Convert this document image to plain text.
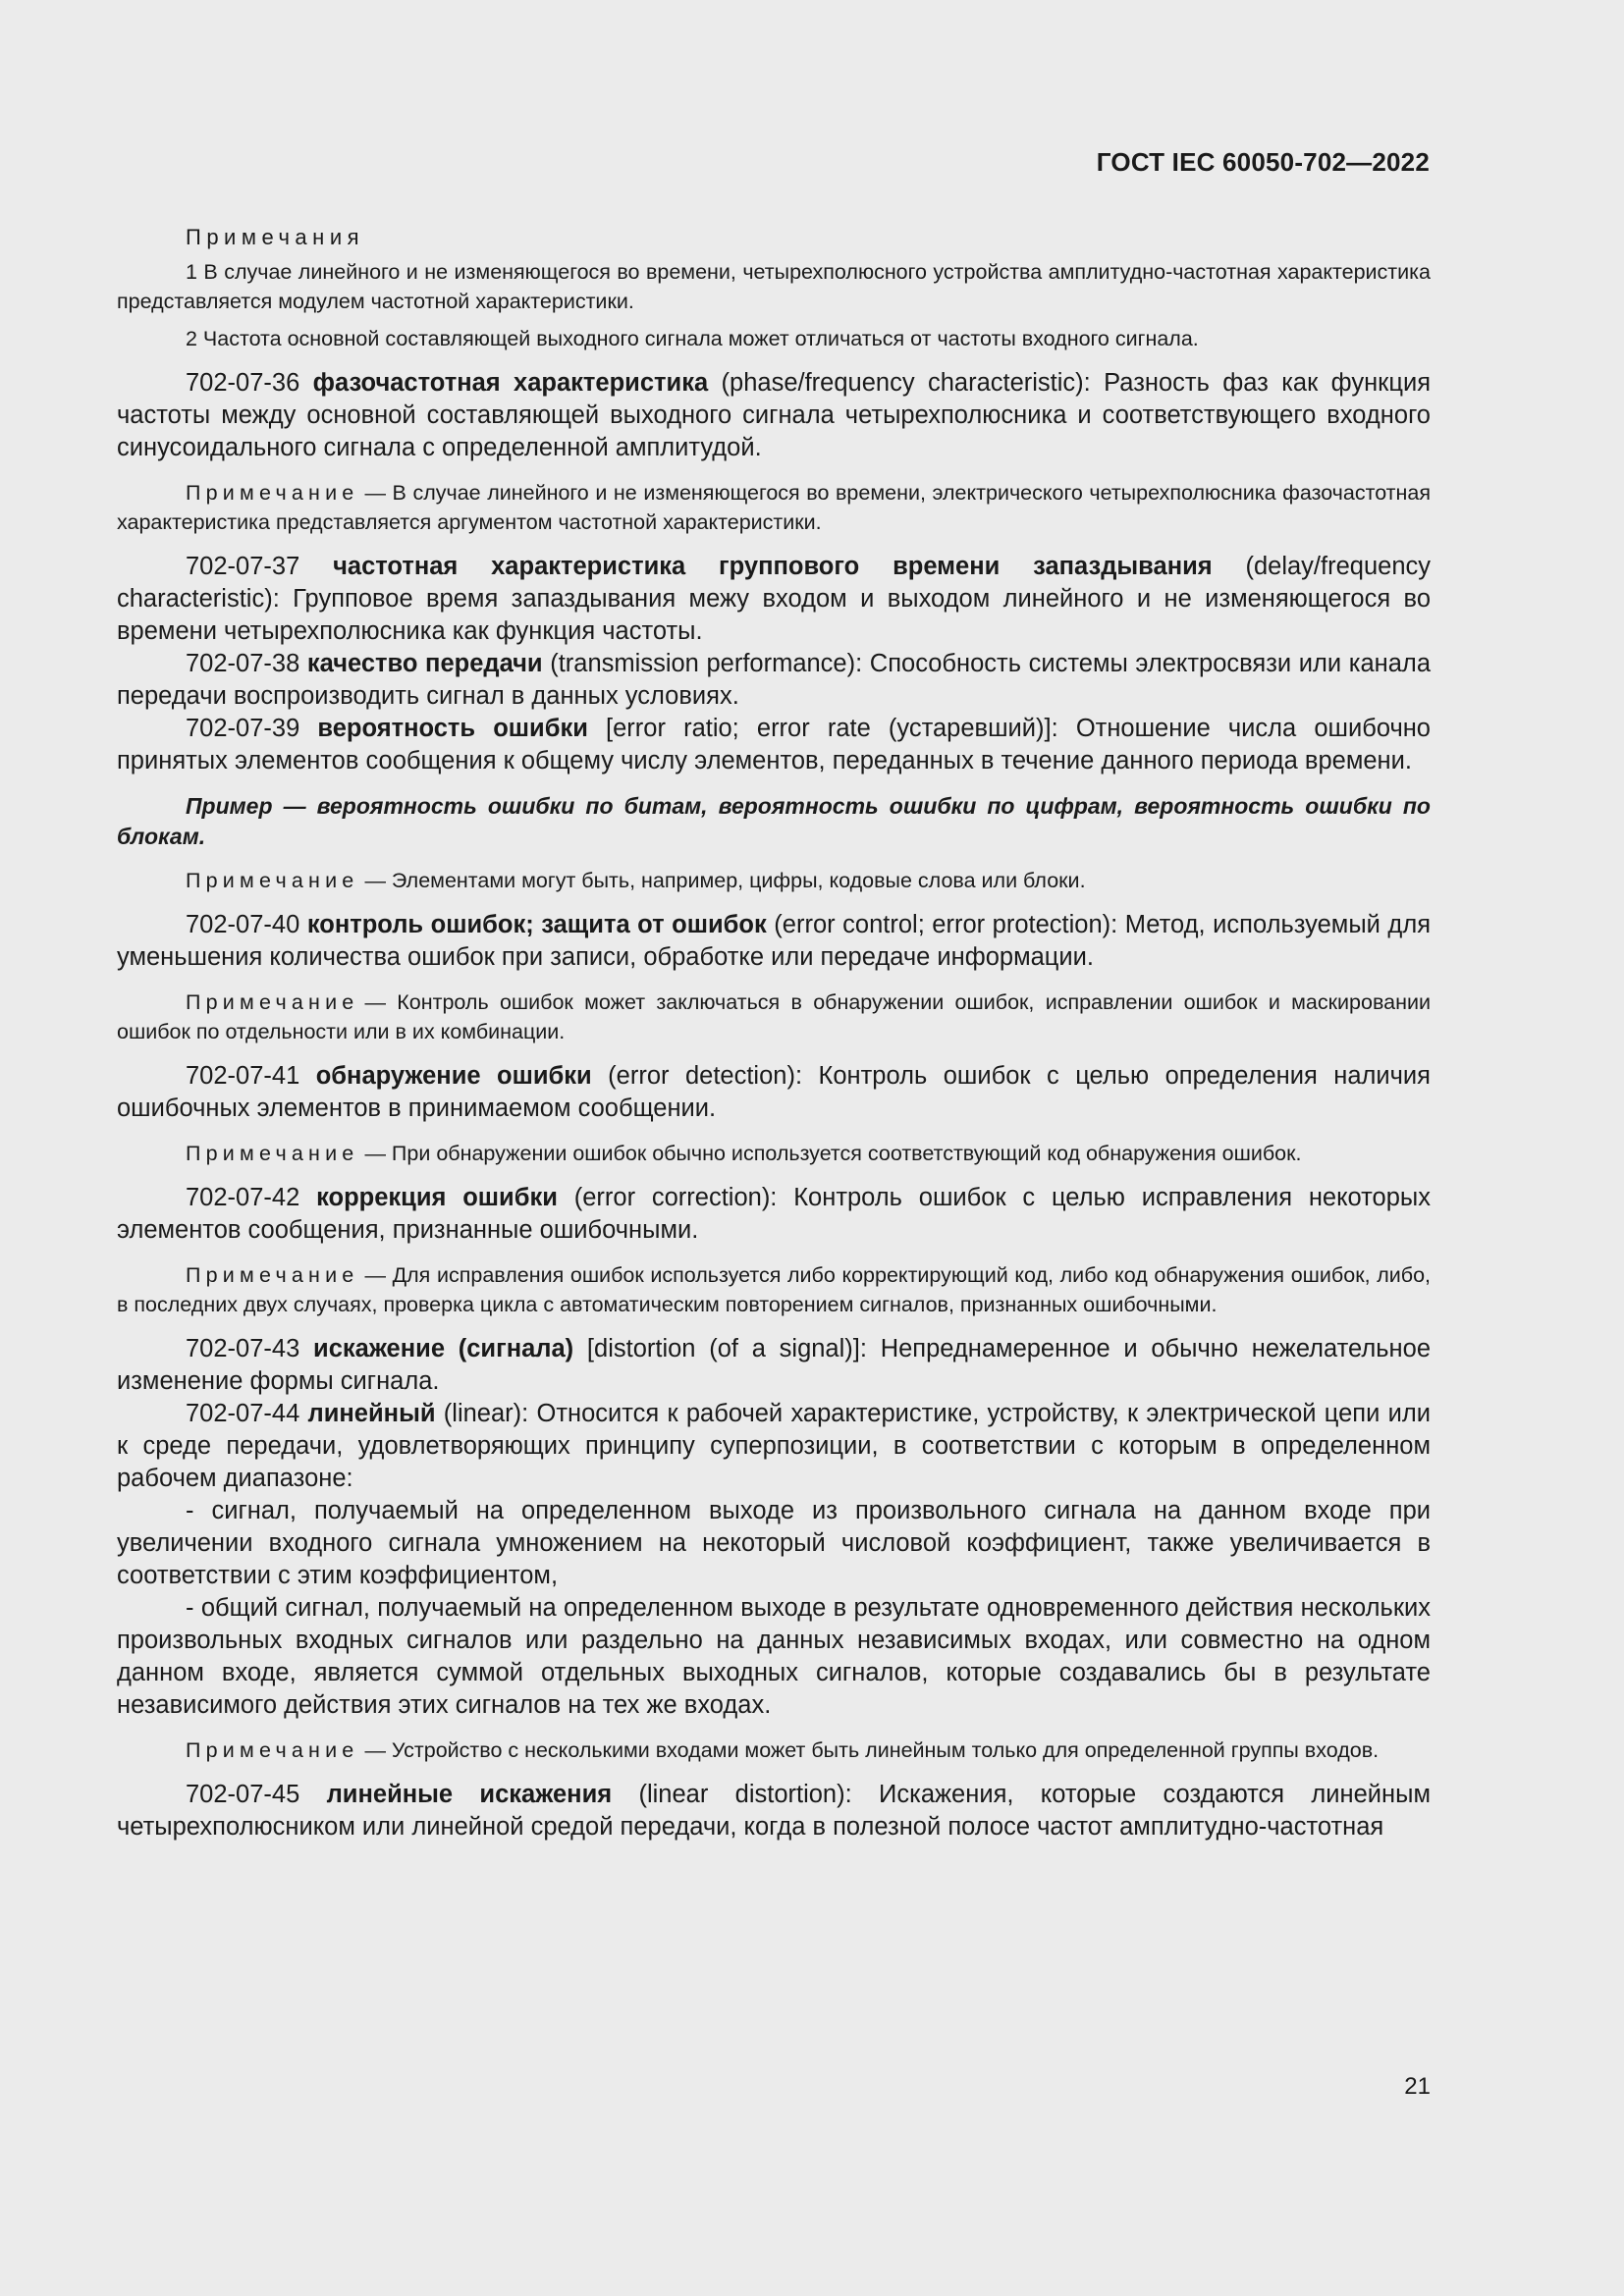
ГОСТ IEC 60050-702—2022
Примечания

1 В случае линейного и не изменяющегося во времени, четырехполюсного устройства амплитудно-частотная характеристика представляется модулем частотной характеристики.

2 Частота основной составляющей выходного сигнала может отличаться от частоты входного сигнала.

702-07-36 фазочастотная характеристика (phase/frequency characteristic): Разность фаз как функция частоты между основной составляющей выходного сигнала четырехполюсника и соответствующего входного синусоидального сигнала с определенной амплитудой.

Примечание — В случае линейного и не изменяющегося во времени, электрического четырехполюсника фазочастотная характеристика представляется аргументом частотной характеристики.

702-07-37 частотная характеристика группового времени запаздывания (delay/frequency characteristic): Групповое время запаздывания межу входом и выходом линейного и не изменяющегося во времени четырехполюсника как функция частоты.

702-07-38 качество передачи (transmission performance): Способность системы электросвязи или канала передачи воспроизводить сигнал в данных условиях.

702-07-39 вероятность ошибки [error ratio; error rate (устаревший)]: Отношение числа ошибочно принятых элементов сообщения к общему числу элементов, переданных в течение данного периода времени.

Пример — вероятность ошибки по битам, вероятность ошибки по цифрам, вероятность ошибки по блокам.

Примечание — Элементами могут быть, например, цифры, кодовые слова или блоки.

702-07-40 контроль ошибок; защита от ошибок (error control; error protection): Метод, используемый для уменьшения количества ошибок при записи, обработке или передаче информации.

Примечание — Контроль ошибок может заключаться в обнаружении ошибок, исправлении ошибок и маскировании ошибок по отдельности или в их комбинации.

702-07-41 обнаружение ошибки (error detection): Контроль ошибок с целью определения наличия ошибочных элементов в принимаемом сообщении.

Примечание — При обнаружении ошибок обычно используется соответствующий код обнаружения ошибок.

702-07-42 коррекция ошибки (error correction): Контроль ошибок с целью исправления некоторых элементов сообщения, признанные ошибочными.

Примечание — Для исправления ошибок используется либо корректирующий код, либо код обнаружения ошибок, либо, в последних двух случаях, проверка цикла с автоматическим повторением сигналов, признанных ошибочными.

702-07-43 искажение (сигнала) [distortion (of a signal)]: Непреднамеренное и обычно нежелательное изменение формы сигнала.

702-07-44 линейный (linear): Относится к рабочей характеристике, устройству, к электрической цепи или к среде передачи, удовлетворяющих принципу суперпозиции, в соответствии с которым в определенном рабочем диапазоне:

- сигнал, получаемый на определенном выходе из произвольного сигнала на данном входе при увеличении входного сигнала умножением на некоторый числовой коэффициент, также увеличивается в соответствии с этим коэффициентом,

- общий сигнал, получаемый на определенном выходе в результате одновременного действия нескольких произвольных входных сигналов или раздельно на данных независимых входах, или совместно на одном данном входе, является суммой отдельных выходных сигналов, которые создавались бы в результате независимого действия этих сигналов на тех же входах.

Примечание — Устройство с несколькими входами может быть линейным только для определенной группы входов.

702-07-45 линейные искажения (linear distortion): Искажения, которые создаются линейным четырехполюсником или линейной средой передачи, когда в полезной полосе частот амплитудно-частотная

21
